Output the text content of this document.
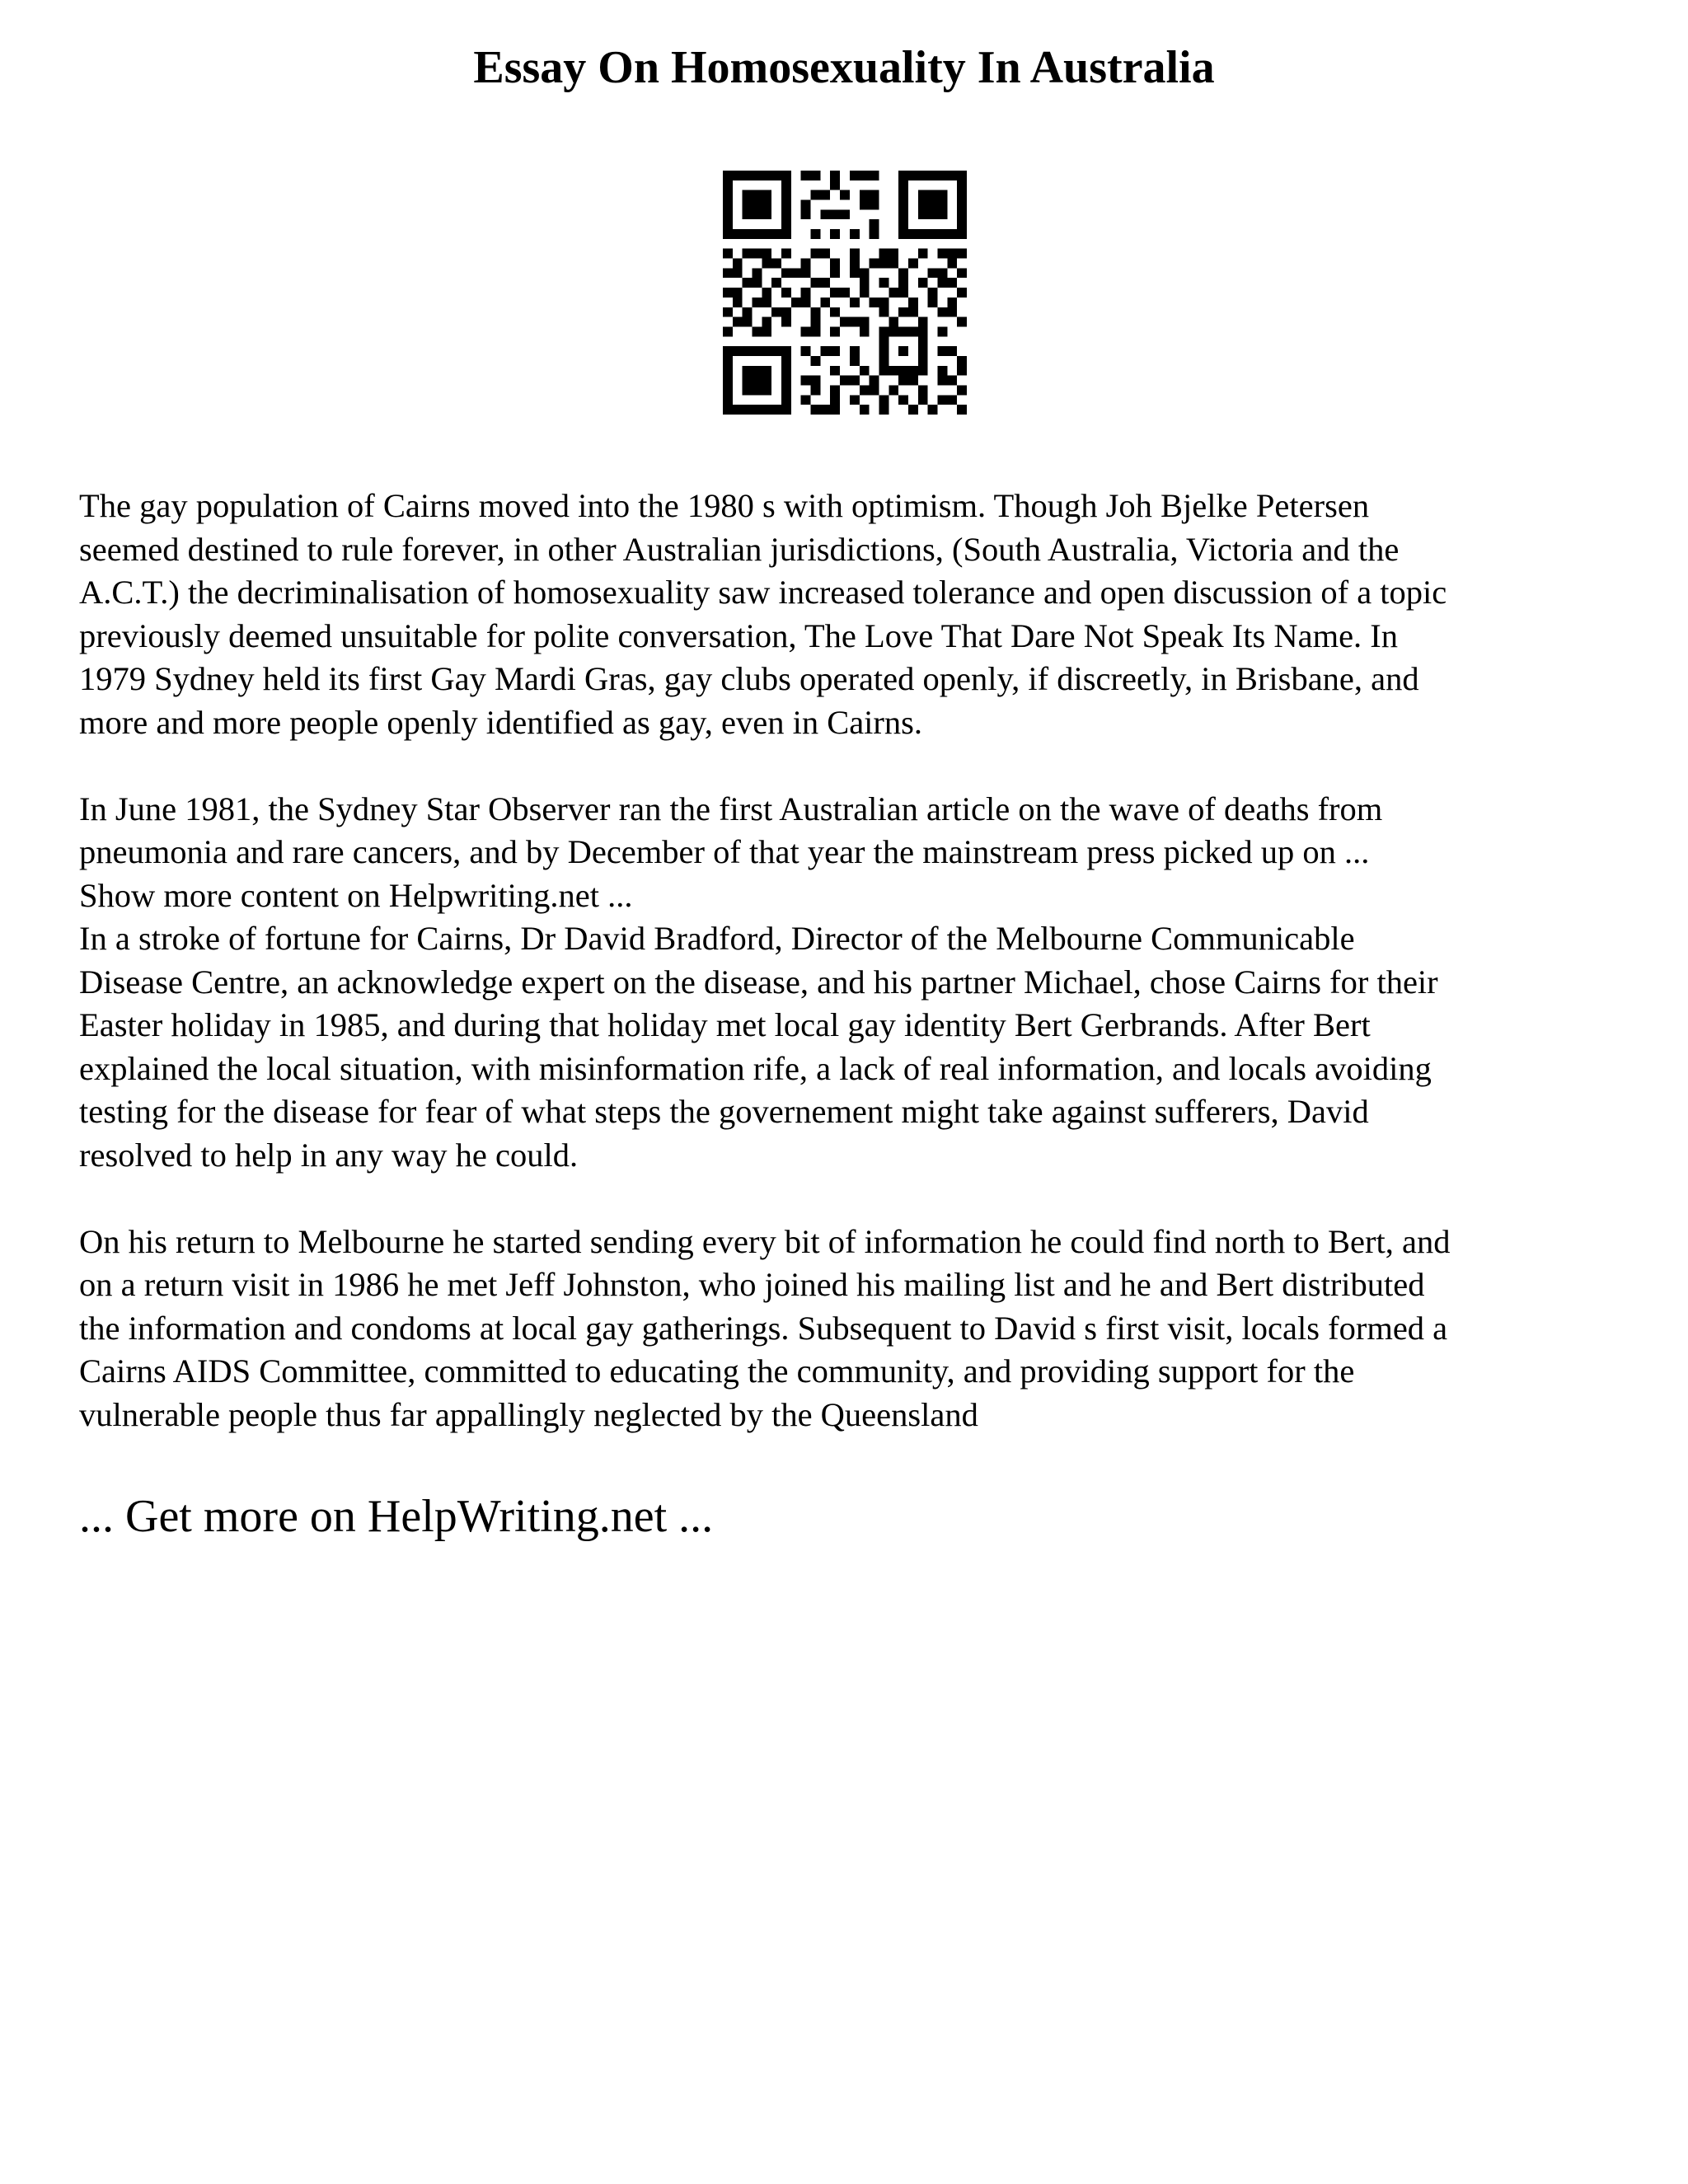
Essay On Homosexuality In Australia

The gay population of Cairns moved into the 1980 s with optimism. Though Joh Bjelke Petersen
seemed destined to rule forever, in other Australian jurisdictions, (South Australia, Victoria and the
A.C.T.) the decriminalisation of homosexuality saw increased tolerance and open discussion of a topic
previously deemed unsuitable for polite conversation, The Love That Dare Not Speak Its Name. In
1979 Sydney held its first Gay Mardi Gras, gay clubs operated openly, if discreetly, in Brisbane, and
more and more people openly identified as gay, even in Cairns.

In June 1981, the Sydney Star Observer ran the first Australian article on the wave of deaths from
pneumonia and rare cancers, and by December of that year the mainstream press picked up on ...

Show more content on Helpwriting.net ...

In a stroke of fortune for Cairns, Dr David Bradford, Director of the Melbourne Communicable
Disease Centre, an acknowledge expert on the disease, and his partner Michael, chose Cairns for their
Easter holiday in 1985, and during that holiday met local gay identity Bert Gerbrands. After Bert
explained the local situation, with misinformation rife, a lack of real information, and locals avoiding
testing for the disease for fear of what steps the governement might take against sufferers, David
resolved to help in any way he could.

On his return to Melbourne he started sending every bit of information he could find north to Bert, and
on a return visit in 1986 he met Jeff Johnston, who joined his mailing list and he and Bert distributed
the information and condoms at local gay gatherings. Subsequent to David s first visit, locals formed a
Cairns AIDS Committee, committed to educating the community, and providing support for the
vulnerable people thus far appallingly neglected by the Queensland

... Get more on HelpWriting.net ...
